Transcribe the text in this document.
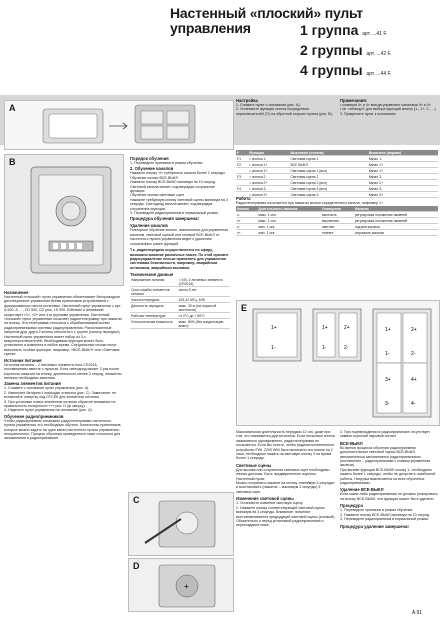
Настенный «плоский» пульт управления	1 группа арт. ...41 F.
2 группы арт. ...42 F.
4 группы арт. ...44 F.
A
B
Назначение
Настенный «плоский» пульт управления обеспечивает беспроводное дистанционное управление всеми приемными устройствами с фиксированного места установки. Настенный пульт управления с арт. А 500, А ... , CD 500, CD plus, LS 990, Edelstahl и Алюминий существует «1», «2» или 4-м группами управления. Настенный «плоский» пульт управления посылает радиотелеграмму при нажатии на кнопку. Эта телеграмма относится к обрабатываемой всеми радиоприемниками системы радиоуправления. Расположенные напротив друг друга 2 кнопки относятся к 1 группе (каналу передачи). Настенный пульт управления имеет набор из 3-х микропереключателей. Необходимым функции может быть установлен и изменена в любое время. Специальные кнопки могут выполнять особые функции, например, «ВСЕ-ВЫКЛ» или «Световая сцена».
Источник питания
Источник питания – 2 литиевых элемента типа CR2016, поставляемых вместе с пультом. Если светодиод мигает 3 раз после короткого нажатия на кнопку, длительность менее 2 секунд, элементы питания необходимо заменить.
Замена элементов питания
1. Снимите с основания пульт управления (рис. A).
2. Извлеките батарею с помощью отвертки (рис. С). Замечание: не вставляйте отвертку под ОТСЕК для элементов питания.
3. При установке новых элементов питания обратите внимание на правильность полярности «+» рис. D (ф сверху).
4. Наденьте пульт управления на основание (рис. А).
Обучение радиоприемников
Чтобы радиоприемник опознавал радиотелеграммы настенного пульта управления, его необходимо обучить. Количество приемников, которые можно задать на один канал настенного пульта управления, неограниченно. Процесс обучения приведенного ниже относится для запоминания в радиоприемнике.
Порядок обучения
1. Переведите приемник в режим обучения.
2. Обучение каналов
Нажмите кнопку «I» требуемого канала более 1 секунды.
Обучение кнопки ВСЕ-ВЫКЛ
Нажмите кнопку ВСЕ-ВЫКЛ минимум на 10 секунд. Световой канала мигает, подтверждая сохранение функции.
Обучение кнопки световые сцен
Нажмите требуемую кнопку световой сцены минимум на 3 секунды. Светодиод канала мигает, подтверждая сохранение функции.
3. Переведите радиоприемник в нормальный режим.
Процедура обучения завершена!
Удаление каналов
Повторное обучение кнопок, назначенных для управления каналом, световой сценой или кнопкой ВСЕ-ВЫКЛ от настенного пульта управления ведет к удалению сохраненных ранее функций.
Т.к. радиопередача осуществляется по эфиру, возможно влияние различных помех. По этой причине радиоуправление нельзя применять для управления системами безопасности, например, аварийным остановом, аварийным вызовом.
Технические данные
Напряжение питания	= 6 В, 2 литиевых элемента (CR2016)
Срок службы элементов питания	около 5 лет
Частота передачи	433,42 МГц, ASK
Дальность передачи	макс. 30 м (на открытой местности)
Рабочая температура	от 0°С до + 55°С
Относительная влажность	макс. 80% (без конденсации влаги)
C
D
+
Настройка
1. Снимите пульт с основания (рис. А).
2. Установите функции кнопок посредством переключателей (☐) на обратной стороне пульта (рис. В).
Примечания:
• клавиши 4« и 4« всегда управляют каналами 4« и 4«
• св. таблицу Е для выбора функций кнопок (1-, 1+, 2-, ...)
3. Прикрепите пульт к основанию.
F	Функция	Выключен (отмена)	Включено (вправо)
F1	= кнопка 1-	Световая сцена 1	Канал 1-
F2	= кнопка 1+	ВСЕ ВЫКЛ	Канал 1+
	= кнопка 1+	Световая сцена 1 (вкл)	Канал 1+
F3	= кнопка 2-	Световая сцена 2	Канал 2-
	= кнопка 2+	Световая сцена 2 (вкл)	Канал 2+
F4	= кнопка 3-	Световая сцена 3 (вкл)	Канал 3-
	= кнопка 3+	Световая сцена 3	Канал 3+
Работа
Радиотелеграмма посылается при нажатии кнопки определенного канала, например 1+.
Кнопка	Длительность нажатия	Освещение	Жалюзи
x-	макс. 1 сек.	включить	регулировка положения ламелей
x+	макс. 1 сек.	выключить	регулировка положения ламелей
x-	мин. 1 сек.	светлее	подъем жалюзи
x+	мин. 1 сек.	темнее	опускание жалюзи
E
1+
1-
1+	2+
1-	2-
1+	2+
1-	2-
3+	4+
3-	4-
Максимальная длительность передачи 12 сек. даже при том, что нажимается другая кнопка. Если несколько кнопок нажимаются одновременно, радиотелеграмма не посылается. Если Вы хотите, чтобы радиоисполнительное устройство FWL 2200 WW было включено постоянно на 2 часа, необходимо нажать на световую кнопку 4 на время более 1 секунды.
Световые сцены
Для вызова или сохранения световых сцен необходимо кнопки догосмы. Быть предварительно изучены. Настенный пульт.
Можно сохранить нажатие на кнопку «минимум 3 секунда» и восстановить (нажатие – максимум 3 секунды) 5 световых сцен.
Изменение световой сцены
1. Установите значение световую сцену.
2. Нажмите кнопку соответствующей световой сцены минимум на 3 секунды. Внимание: значение восстанавливается предыдущей световой сцены (кнопкой). Обязательно и перед установкой радиоприемника и пересоздание ниже.
3. При подтверждении в радиоприемнике отсутствует символ короткий звуковой сигнал.
ВСЕ-ВЫКЛ
Во время процесса обучения радиоприемник дополнительные световой сцены ВСЕ-ВЫКЛ автоматически запоминается радиоприемником (исключение – радиоприемники с клавиш управления жалюзи).
При вызове функции ВСЕ-ВЫКЛ кнопку 1- необходимо нажать более 1 секунды, чтобы не допустить ошибочной работы. Нагрузка выключается на всех обученных радиоприемниках.
Удаление ВСЕ-ВЫКЛ
Если какие-либо радиоприемники не должны реагировать на кнопку ВСЕ-ВЫКЛ, эти функции может быть удалено.
Процедура
1. Переведите приемник в режим обучения.
2. Нажмите кнопку ВСЕ-ВЫКЛ минимум на 10 секунд.
3. Переведите радиоприемник в нормальный режим.
Процедура удаления завершена!
A 91
